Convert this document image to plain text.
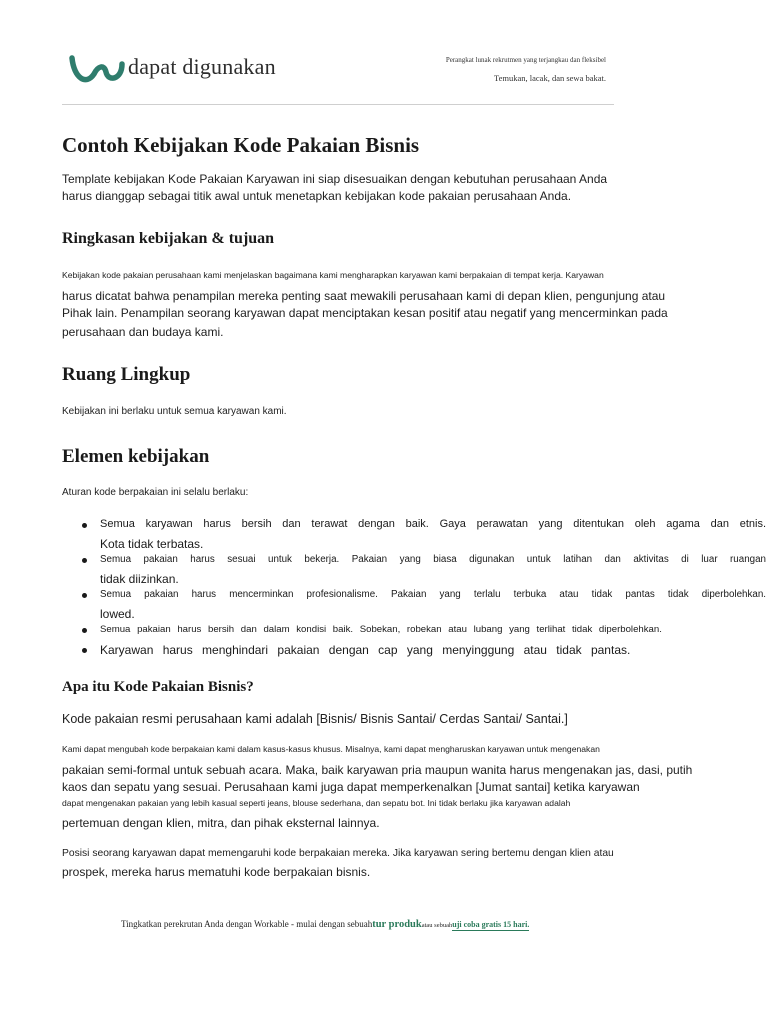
dapat digunakan	Perangkat lunak rekrutmen yang terjangkau dan fleksibel
Temukan, lacak, dan sewa bakat.
Contoh Kebijakan Kode Pakaian Bisnis

Template kebijakan Kode Pakaian Karyawan ini siap disesuaikan dengan kebutuhan perusahaan Anda

harus dianggap sebagai titik awal untuk menetapkan kebijakan kode pakaian perusahaan Anda.

Ringkasan kebijakan & tujuan

Kebijakan kode pakaian perusahaan kami menjelaskan bagaimana kami mengharapkan karyawan kami berpakaian di tempat kerja. Karyawan

harus dicatat bahwa penampilan mereka penting saat mewakili perusahaan kami di depan klien, pengunjung atau

Pihak lain. Penampilan seorang karyawan dapat menciptakan kesan positif atau negatif yang mencerminkan pada

perusahaan dan budaya kami.

Ruang Lingkup

Kebijakan ini berlaku untuk semua karyawan kami.

Elemen kebijakan

Aturan kode berpakaian ini selalu berlaku:

Semua karyawan harus bersih dan terawat dengan baik. Gaya perawatan yang ditentukan oleh agama dan etnis.
Kota tidak terbatas.
Semua pakaian harus sesuai untuk bekerja. Pakaian yang biasa digunakan untuk latihan dan aktivitas di luar ruangan
tidak diizinkan.
Semua pakaian harus mencerminkan profesionalisme. Pakaian yang terlalu terbuka atau tidak pantas tidak diperbolehkan.
lowed.
Semua pakaian harus bersih dan dalam kondisi baik. Sobekan, robekan atau lubang yang terlihat tidak diperbolehkan.
Karyawan harus menghindari pakaian dengan cap yang menyinggung atau tidak pantas.
Apa itu Kode Pakaian Bisnis?

Kode pakaian resmi perusahaan kami adalah [Bisnis/ Bisnis Santai/ Cerdas Santai/ Santai.]

Kami dapat mengubah kode berpakaian kami dalam kasus-kasus khusus. Misalnya, kami dapat mengharuskan karyawan untuk mengenakan

pakaian semi-formal untuk sebuah acara. Maka, baik karyawan pria maupun wanita harus mengenakan jas, dasi, putih

kaos dan sepatu yang sesuai. Perusahaan kami juga dapat memperkenalkan [Jumat santai] ketika karyawan

dapat mengenakan pakaian yang lebih kasual seperti jeans, blouse sederhana, dan sepatu bot. Ini tidak berlaku jika karyawan adalah

pertemuan dengan klien, mitra, dan pihak eksternal lainnya.

Posisi seorang karyawan dapat memengaruhi kode berpakaian mereka. Jika karyawan sering bertemu dengan klien atau

prospek, mereka harus mematuhi kode berpakaian bisnis.

Tingkatkan perekrutan Anda dengan Workable - mulai dengan sebuahtur produkatau sebuahuji coba gratis 15 hari.
